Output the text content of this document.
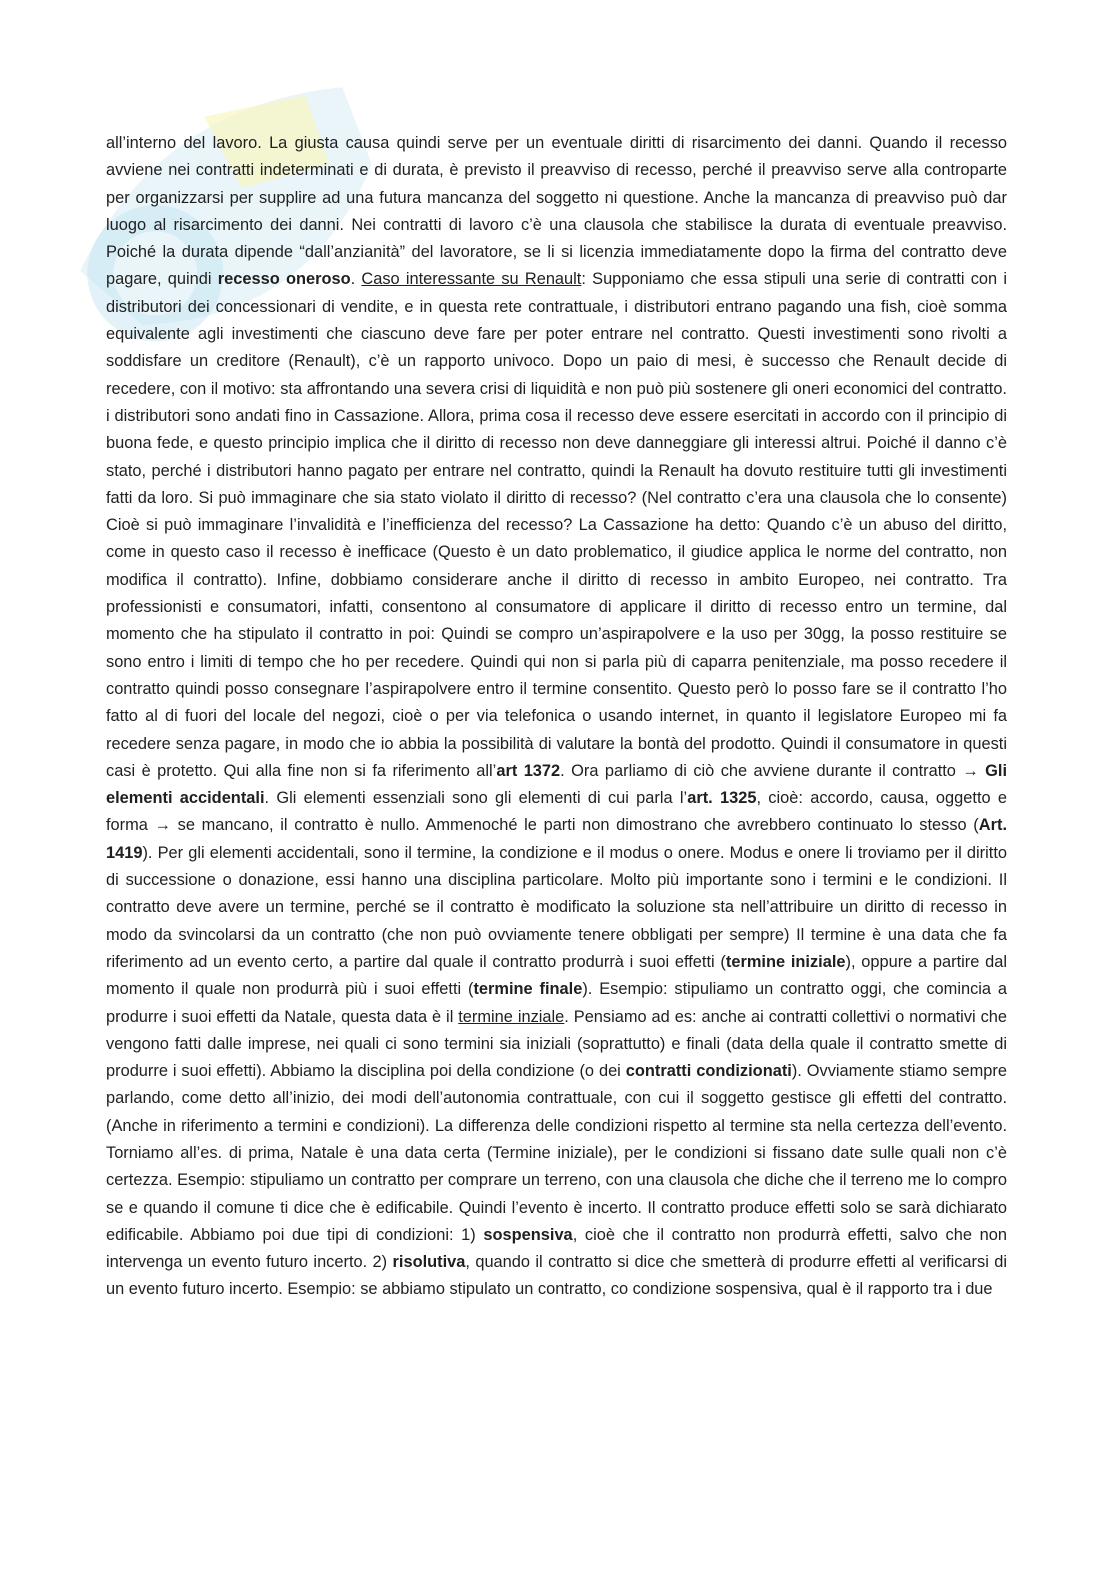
all’interno del lavoro. La giusta causa quindi serve per un eventuale diritti di risarcimento dei danni. Quando il recesso avviene nei contratti indeterminati e di durata, è previsto il preavviso di recesso, perché il preavviso serve alla controparte per organizzarsi per supplire ad una futura mancanza del soggetto ni questione. Anche la mancanza di preavviso può dar luogo al risarcimento dei danni. Nei contratti di lavoro c’è una clausola che stabilisce la durata di eventuale preavviso. Poiché la durata dipende “dall’anzianità” del lavoratore, se li si licenzia immediatamente dopo la firma del contratto deve pagare, quindi recesso oneroso. Caso interessante su Renault: Supponiamo che essa stipuli una serie di contratti con i distributori dei concessionari di vendite, e in questa rete contrattuale, i distributori entrano pagando una fish, cioè somma equivalente agli investimenti che ciascuno deve fare per poter entrare nel contratto. Questi investimenti sono rivolti a soddisfare un creditore (Renault), c’è un rapporto univoco. Dopo un paio di mesi, è successo che Renault decide di recedere, con il motivo: sta affrontando una severa crisi di liquidità e non può più sostenere gli oneri economici del contratto. i distributori sono andati fino in Cassazione. Allora, prima cosa il recesso deve essere esercitati in accordo con il principio di buona fede, e questo principio implica che il diritto di recesso non deve danneggiare gli interessi altrui. Poiché il danno c’è stato, perché i distributori hanno pagato per entrare nel contratto, quindi la Renault ha dovuto restituire tutti gli investimenti fatti da loro. Si può immaginare che sia stato violato il diritto di recesso? (Nel contratto c’era una clausola che lo consente) Cioè si può immaginare l’invalidità e l’inefficienza del recesso? La Cassazione ha detto: Quando c’è un abuso del diritto, come in questo caso il recesso è inefficace (Questo è un dato problematico, il giudice applica le norme del contratto, non modifica il contratto). Infine, dobbiamo considerare anche il diritto di recesso in ambito Europeo, nei contratto. Tra professionisti e consumatori, infatti, consentono al consumatore di applicare il diritto di recesso entro un termine, dal momento che ha stipulato il contratto in poi: Quindi se compro un’aspirapolvere e la uso per 30gg, la posso restituire se sono entro i limiti di tempo che ho per recedere. Quindi qui non si parla più di caparra penitenziale, ma posso recedere il contratto quindi posso consegnare l’aspirapolvere entro il termine consentito. Questo però lo posso fare se il contratto l’ho fatto al di fuori del locale del negozi, cioè o per via telefonica o usando internet, in quanto il legislatore Europeo mi fa recedere senza pagare, in modo che io abbia la possibilità di valutare la bontà del prodotto. Quindi il consumatore in questi casi è protetto. Qui alla fine non si fa riferimento all’art 1372. Ora parliamo di ciò che avviene durante il contratto → Gli elementi accidentali. Gli elementi essenziali sono gli elementi di cui parla l’art. 1325, cioè: accordo, causa, oggetto e forma → se mancano, il contratto è nullo. Ammenoché le parti non dimostrano che avrebbero continuato lo stesso (Art. 1419). Per gli elementi accidentali, sono il termine, la condizione e il modus o onere. Modus e onere li troviamo per il diritto di successione o donazione, essi hanno una disciplina particolare. Molto più importante sono i termini e le condizioni. Il contratto deve avere un termine, perché se il contratto è modificato la soluzione sta nell’attribuire un diritto di recesso in modo da svincolarsi da un contratto (che non può ovviamente tenere obbligati per sempre) Il termine è una data che fa riferimento ad un evento certo, a partire dal quale il contratto produrrà i suoi effetti (termine iniziale), oppure a partire dal momento il quale non produrrà più i suoi effetti (termine finale). Esempio: stipuliamo un contratto oggi, che comincia a produrre i suoi effetti da Natale, questa data è il termine inziale. Pensiamo ad es: anche ai contratti collettivi o normativi che vengono fatti dalle imprese, nei quali ci sono termini sia iniziali (soprattutto) e finali (data della quale il contratto smette di produrre i suoi effetti). Abbiamo la disciplina poi della condizione (o dei contratti condizionati). Ovviamente stiamo sempre parlando, come detto all’inizio, dei modi dell’autonomia contrattuale, con cui il soggetto gestisce gli effetti del contratto. (Anche in riferimento a termini e condizioni). La differenza delle condizioni rispetto al termine sta nella certezza dell’evento. Torniamo all’es. di prima, Natale è una data certa (Termine iniziale), per le condizioni si fissano date sulle quali non c’è certezza. Esempio: stipuliamo un contratto per comprare un terreno, con una clausola che diche che il terreno me lo compro se e quando il comune ti dice che è edificabile. Quindi l’evento è incerto. Il contratto produce effetti solo se sarà dichiarato edificabile. Abbiamo poi due tipi di condizioni: 1) sospensiva, cioè che il contratto non produrrà effetti, salvo che non intervenga un evento futuro incerto. 2) risolutiva, quando il contratto si dice che smetterà di produrre effetti al verificarsi di un evento futuro incerto. Esempio: se abbiamo stipulato un contratto, co condizione sospensiva, qual è il rapporto tra i due
